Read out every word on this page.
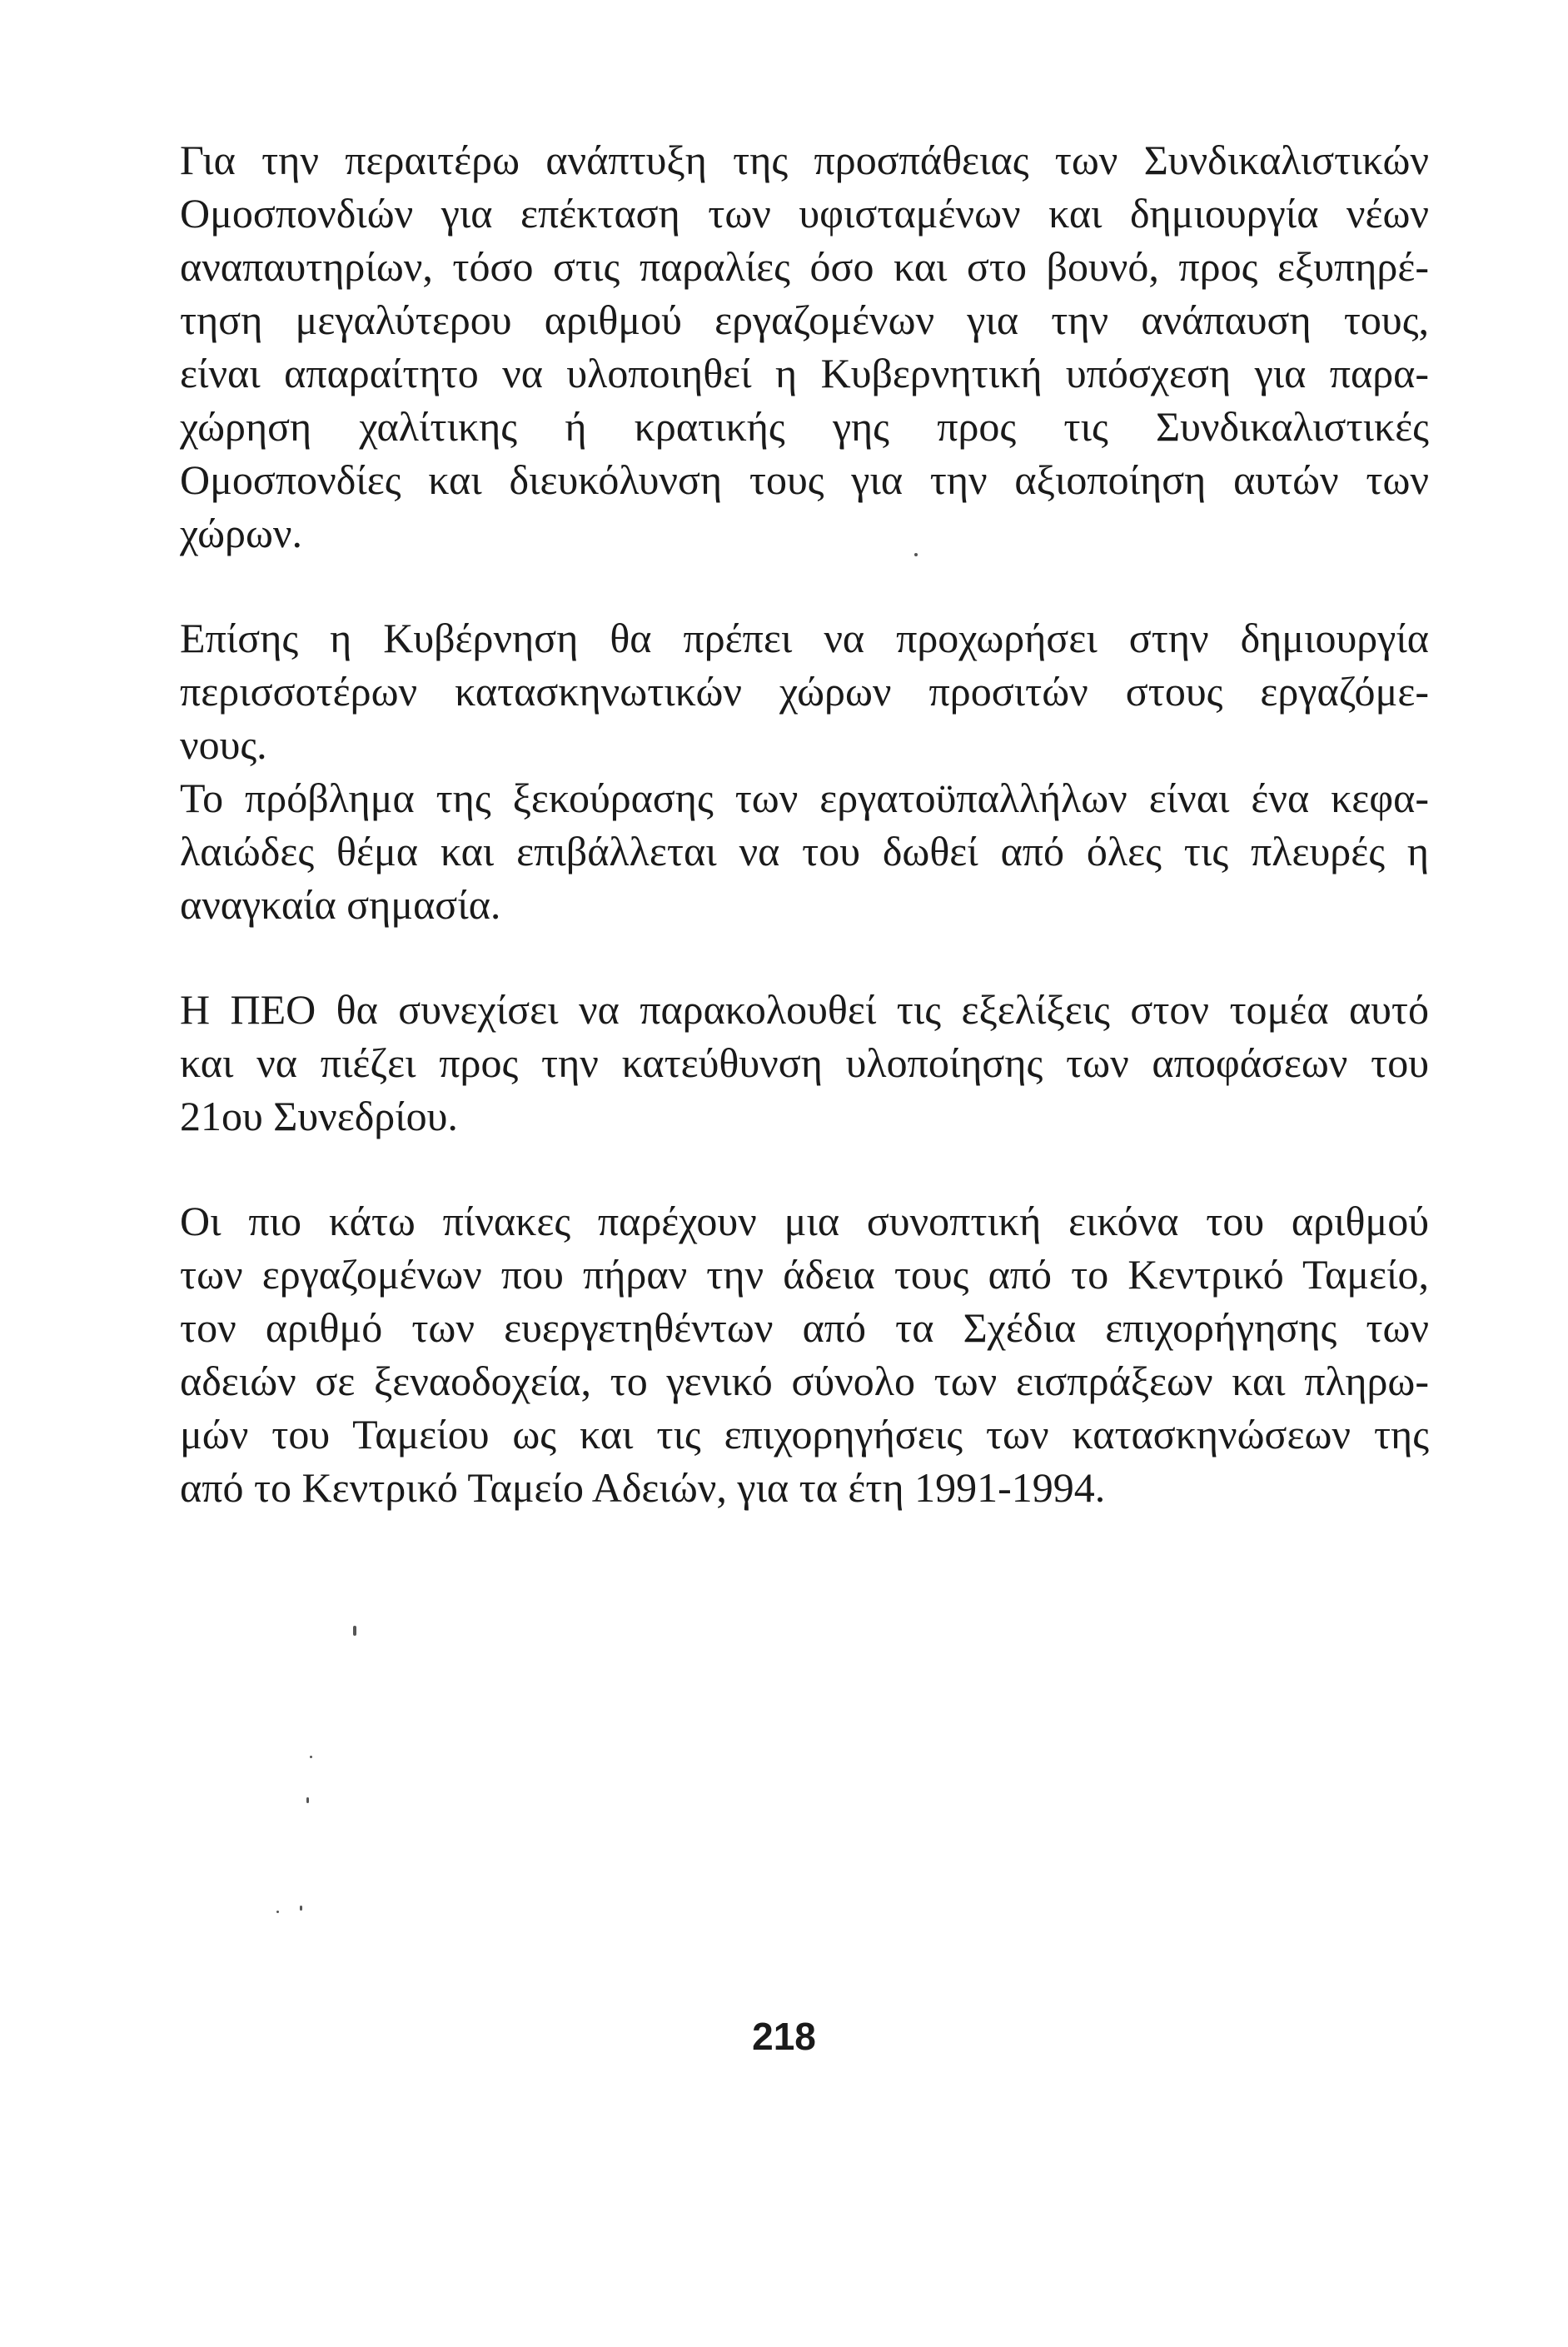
Για την περαιτέρω ανάπτυξη της προσπάθειας των Συνδικαλιστικών
Ομοσπονδιών για επέκταση των υφισταμένων και δημιουργία νέων
αναπαυτηρίων, τόσο στις παραλίες όσο και στο βουνό, προς εξυπηρέ-
τηση μεγαλύτερου αριθμού εργαζομένων για την ανάπαυση τους,
είναι απαραίτητο να υλοποιηθεί η Κυβερνητική υπόσχεση για παρα-
χώρηση χαλίτικης ή κρατικής γης προς τις Συνδικαλιστικές
Ομοσπονδίες και διευκόλυνση τους για την αξιοποίηση αυτών των
χώρων.

Επίσης η Κυβέρνηση θα πρέπει να προχωρήσει στην δημιουργία
περισσοτέρων κατασκηνωτικών χώρων προσιτών στους εργαζόμε-
νους.

Το πρόβλημα της ξεκούρασης των εργατοϋπαλλήλων είναι ένα κεφα-
λαιώδες θέμα και επιβάλλεται να του δωθεί από όλες τις πλευρές η
αναγκαία σημασία.

Η ΠΕΟ θα συνεχίσει να παρακολουθεί τις εξελίξεις στον τομέα αυτό
και να πιέζει προς την κατεύθυνση υλοποίησης των αποφάσεων του
21ου Συνεδρίου.

Οι πιο κάτω πίνακες παρέχουν μια συνοπτική εικόνα του αριθμού
των εργαζομένων που πήραν την άδεια τους από το Κεντρικό Ταμείο,
τον αριθμό των ευεργετηθέντων από τα Σχέδια επιχορήγησης των
αδειών σε ξεναοδοχεία, το γενικό σύνολο των εισπράξεων και πληρω-
μών του Ταμείου ως και τις επιχορηγήσεις των κατασκηνώσεων της
από το Κεντρικό Ταμείο Αδειών, για τα έτη 1991-1994.

218
